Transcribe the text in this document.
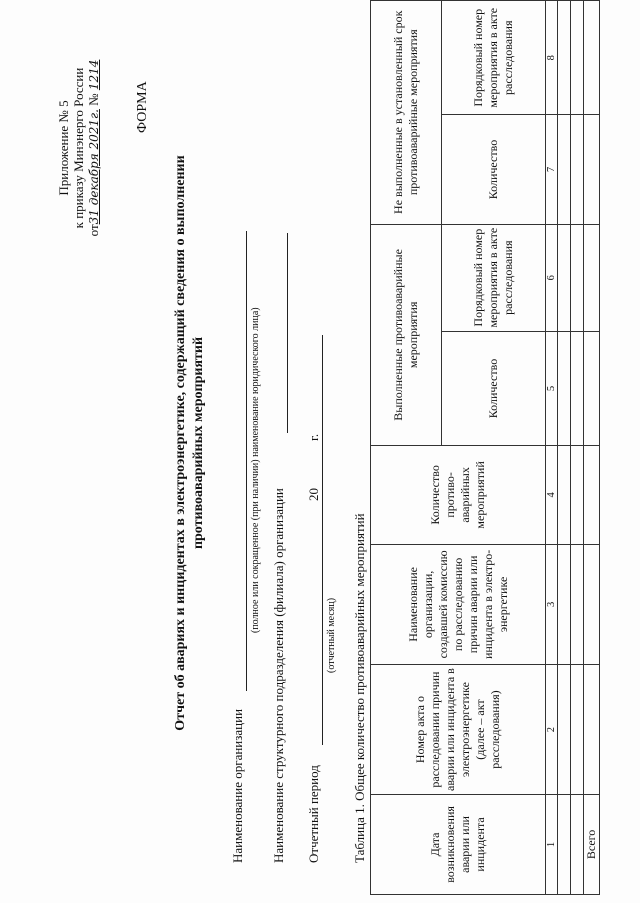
Приложение № 5 к приказу Минэнерго России
от31 декабря 2021г. № 1214
ФОРМА
Отчет об авариях и инцидентах в электроэнергетике, содержащий сведения о выполнении противоаварийных мероприятий
Наименование организации
(полное или сокращенное (при наличии) наименование юридического лица)
Наименование структурного подразделения (филиала) организации Отчетный период
20
г.
(отчетный месяц) Таблица 1. Общее количество противоаварийных мероприятий	Дата возникновения аварии или инцидента	Номер акта о расследовании причин аварии или инцидента в электроэнергетике (далее – акт расследования)	Наименование организации, создавшей комиссию по расследованию причин аварии или инцидента в электро-энергетике	Количество противо-аварийных мероприятий	Выполненные противоаварийные мероприятия		Не выполненные в установленный срок противоаварийные мероприятия	
				Количество	Порядковый номер мероприятия в акте расследования	Количество	Порядковый номер мероприятия в акте расследования
1	2	3	4	5	6	7	8

Всего							
